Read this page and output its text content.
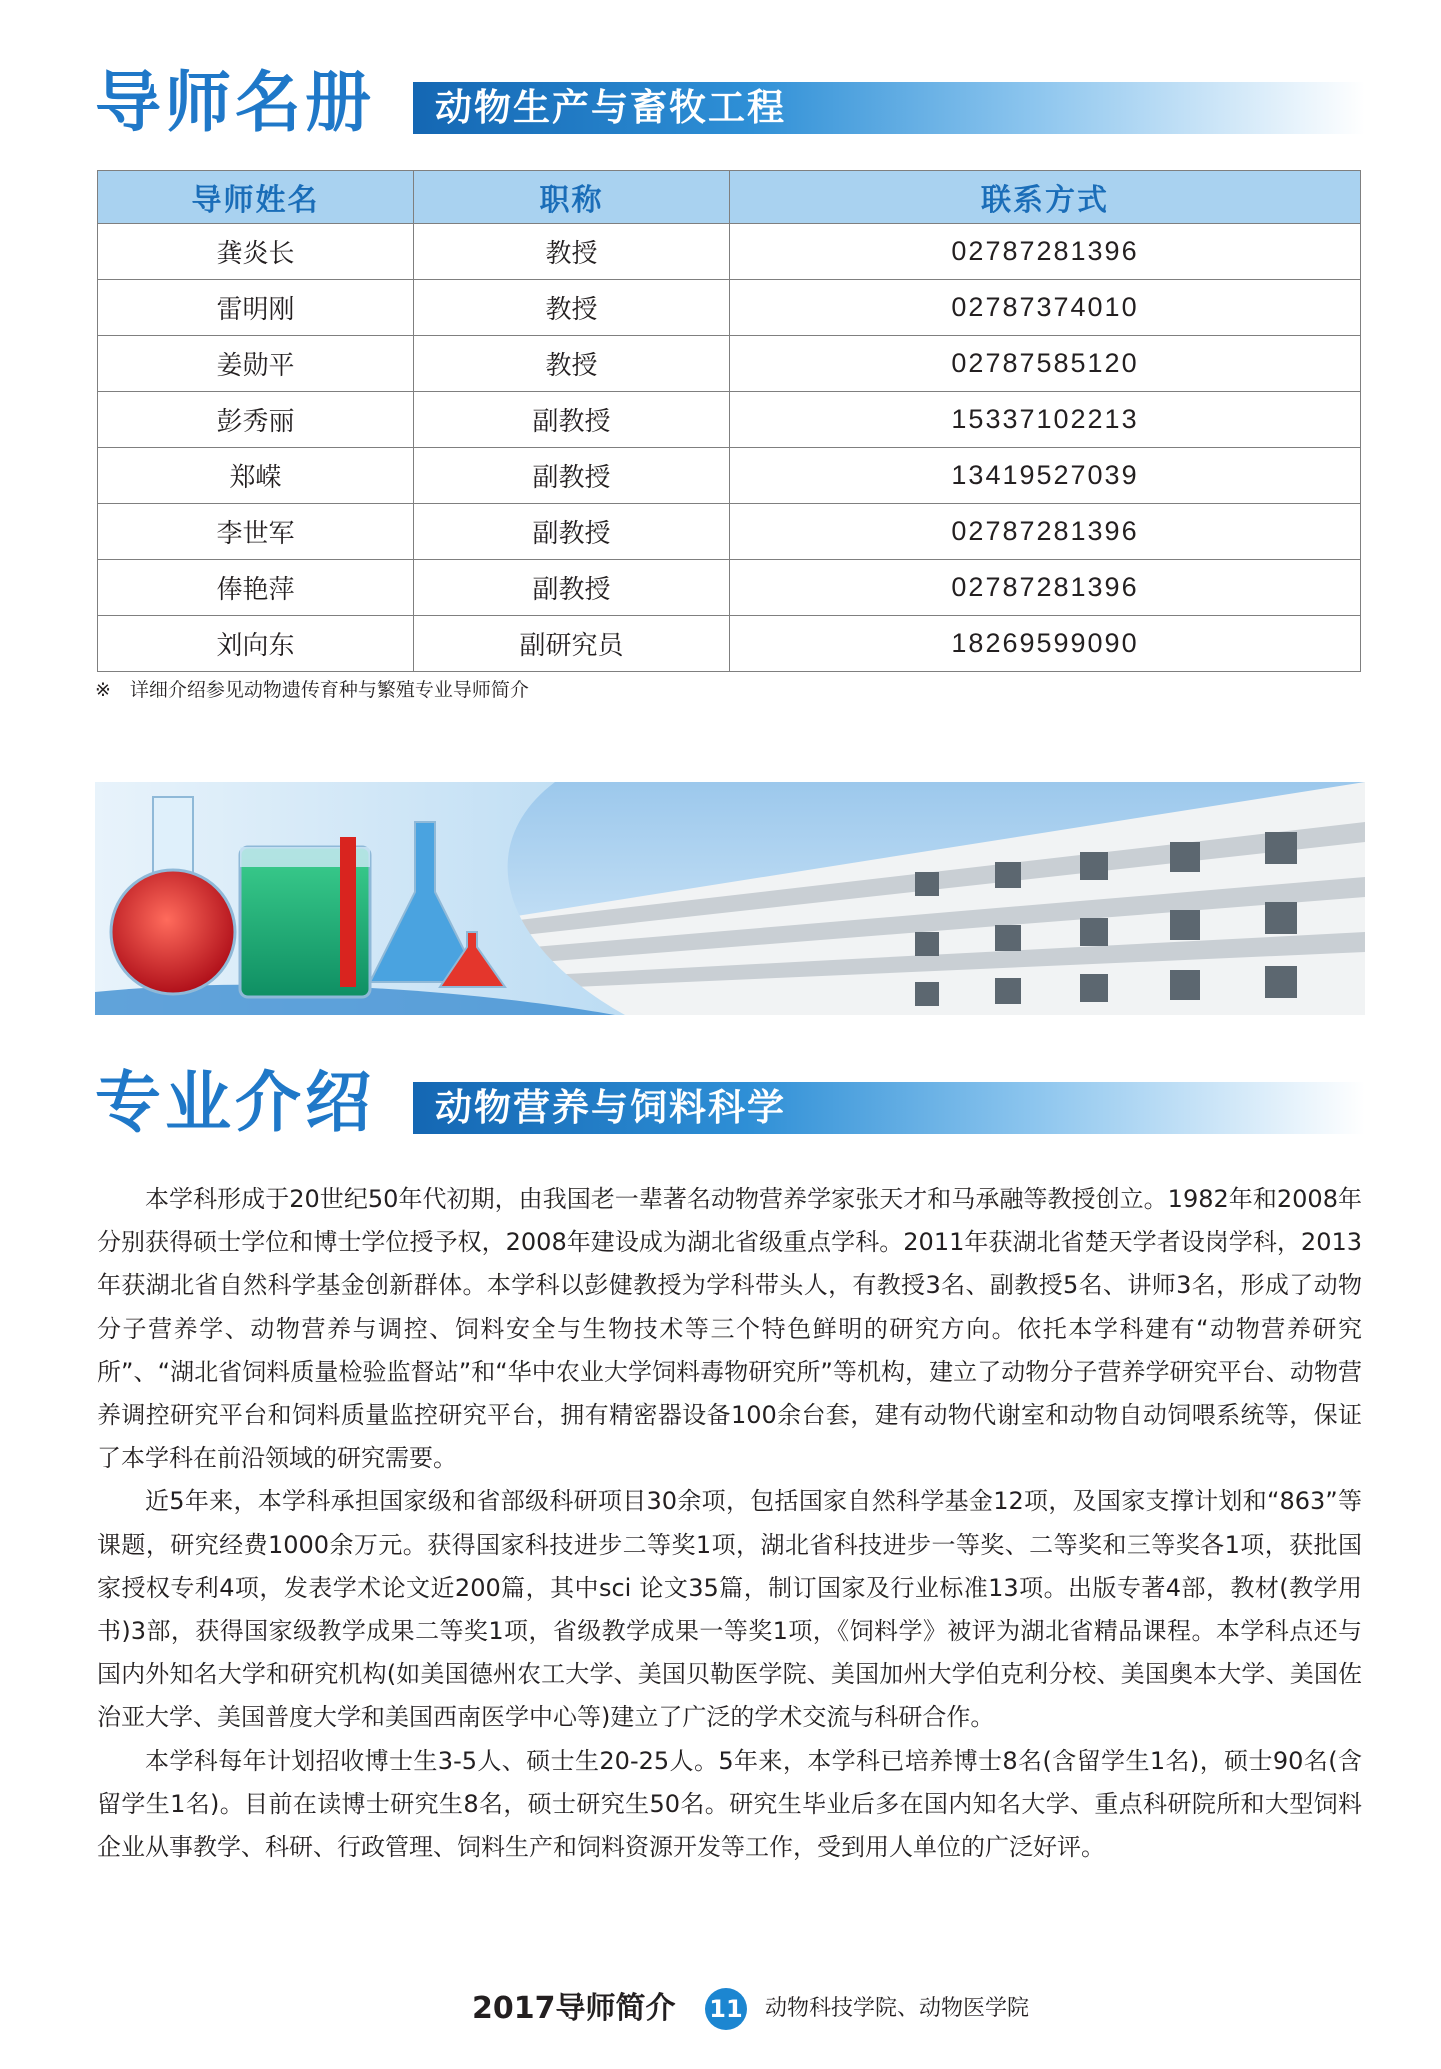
导师名册 动物生产与畜牧工程
导师姓名	职称	联系方式
龚炎长	教授	02787281396
雷明刚	教授	02787374010
姜勋平	教授	02787585120
彭秀丽	副教授	15337102213
郑嵘	副教授	13419527039
李世军	副教授	02787281396
俸艳萍	副教授	02787281396
刘向东	副研究员	18269599090
※　详细介绍参见动物遗传育种与繁殖专业导师简介
专业介绍 动物营养与饲料科学

本学科形成于20世纪50年代初期，由我国老一辈著名动物营养学家张天才和马承融等教授创立。1982年和2008年分别获得硕士学位和博士学位授予权，2008年建设成为湖北省级重点学科。2011年获湖北省楚天学者设岗学科，2013年获湖北省自然科学基金创新群体。本学科以彭健教授为学科带头人，有教授3名、副教授5名、讲师3名，形成了动物分子营养学、动物营养与调控、饲料安全与生物技术等三个特色鲜明的研究方向。依托本学科建有“动物营养研究所”、“湖北省饲料质量检验监督站”和“华中农业大学饲料毒物研究所”等机构，建立了动物分子营养学研究平台、动物营养调控研究平台和饲料质量监控研究平台，拥有精密器设备100余台套，建有动物代谢室和动物自动饲喂系统等，保证了本学科在前沿领域的研究需要。

近5年来，本学科承担国家级和省部级科研项目30余项，包括国家自然科学基金12项，及国家支撑计划和“863”等课题，研究经费1000余万元。获得国家科技进步二等奖1项，湖北省科技进步一等奖、二等奖和三等奖各1项，获批国家授权专利4项，发表学术论文近200篇，其中sci 论文35篇，制订国家及行业标准13项。出版专著4部，教材(教学用书)3部，获得国家级教学成果二等奖1项，省级教学成果一等奖1项，《饲料学》被评为湖北省精品课程。本学科点还与国内外知名大学和研究机构(如美国德州农工大学、美国贝勒医学院、美国加州大学伯克利分校、美国奥本大学、美国佐治亚大学、美国普度大学和美国西南医学中心等)建立了广泛的学术交流与科研合作。

本学科每年计划招收博士生3-5人、硕士生20-25人。5年来，本学科已培养博士8名(含留学生1名)，硕士90名(含留学生1名)。目前在读博士研究生8名，硕士研究生50名。研究生毕业后多在国内知名大学、重点科研院所和大型饲料企业从事教学、科研、行政管理、饲料生产和饲料资源开发等工作，受到用人单位的广泛好评。

2017导师简介 11 动物科技学院、动物医学院
